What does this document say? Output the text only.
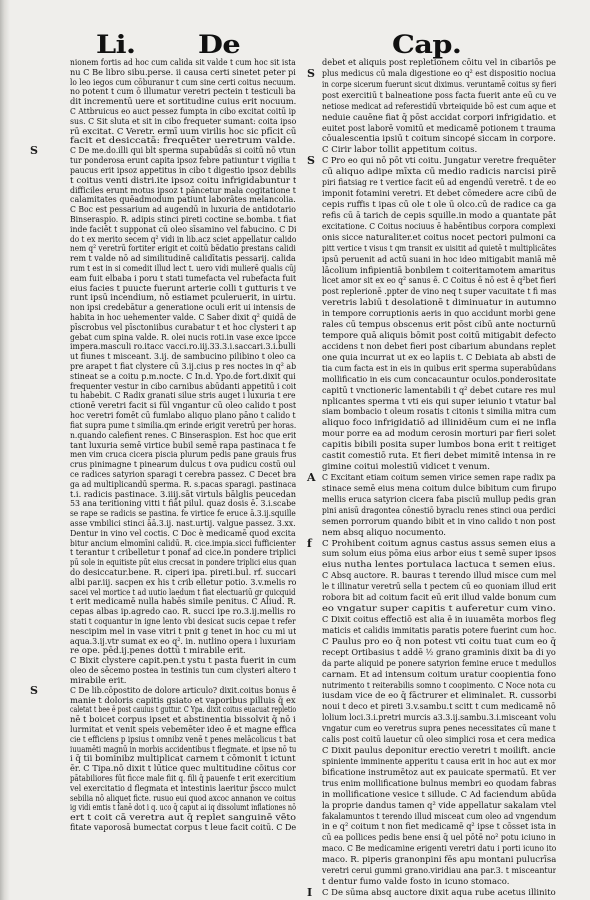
Li.	De	Cap.
nionem fortis ad hoc cum calida sit valde t cum hoc sit ista
nu C Be libro sibu.perse. ii causa certi sinetet peter pi
lo leo iegos cum cōburanur t cum sine certi coitus necuum.
no potent t cum ō illumatur veretri pectein t testiculi ba
dit incrementū uere et sortitudine cuius erit nocuum.
C Attbruicus eo auct pessez fumpta in cibo excitat coitū ip
sus. C Sit sluta et sit in cibo frequeter sumant: coita ipso
rū excitat. C Veretr. ermī uum virilis hoc sic pfīcit cū
facit et desiccatā: frequēter ueretrum valde.
C De me.do.illi qui blt sperma supabūdās si coitū nō vtun
tur ponderosa erunt capita ipsoz febre patiuntur t vigilia t
paucus erit ipsoz appetitus in cibo t digestio ipsoz debilis
t coitus venti distri.ite ipsoz coitu infrigidabuntur t
difficiles erunt motus ipsoz t pāncetur mala cogitatione t
calamitates quēadmodum patiunt laborātes melancolia.
C Boc est pessarium ad augendū in luxuria de antidotario
Binseraspio. R. adipis stinci pireti coctine se.bomba. t fiat
inde faciēt t supponat cū oleo sīsamino vel fabucino. C Di
do t ex merito secem q² vidi in lib.acz sciet appellatur calido
nem q² veretrū fortiter erigit et coitū bēdatio prestans calidi
rem t valde nō ad similitudinē calidītatis pessarij. calida
rum t est in si comedit illud lect t. uero vidi mulierē qualis cūj
eam fuit elbaba i poru t stati tumefacta vel rubefacta fuit
eius facies t puucte fuerunt arterie colli t gutturis t ve
runt ipsū incendium, nō estiamet pculeruerit, in uirtu.
non ipsi credebātur a generatione oculi erit ui intensis de
habita in hoc uehementer valde. C Saber dixit q² quidā de
pīscrobus vel pīsctoniibus curabatur t et hoc clysteri t ap
gebat cum spina valde. R. olei nucis roti.in vase exce ipcce
impera.masculi ro.itacc vacci.ro.iij.33.3.i.saccari.3.i.bulli
ut fiunes t misceant. 3.ij. de sambucino pilibino t oleo ca
pre arapet t fiat clystere cū 3.ij.cius p res noctes in q² ab
stineat se a coitu p.m.nocte. C In.d. Ypo.de fort.dixit qui
frequenter vestur in cibo carnibus abūdanti appetitū i coit
tu habebit. C Radix granati silue stris auget i luxuria t ere
ctionē veretri facit si fūl vngantur cū oleo calido t post
hoc veretri fomēt cū fumlabo aliquo plano pāno t calido t
fiat supra pume t similia.qm erinde erigit veretrū per horas.
n.quando calefient renes. C Binseraspion. Est hoc que erit
tant luxuria semē virtice bubil semē rapa pastinaca t fe
men vim cruca cicera piscia plurum pedis pane grauis frus
crus pinimagne t pinearum dulcus t ova pudicu costū oul
ce radices satyrion sparagi t cerebra passez. C Decet bra
ga ad multiplicandū sperma. R. s.pacas sparagi. pastinaca
t.i. radicis pastinace. 3.iiij.sāt virtuls bālglis peucedan
53 ana teritioning vitti t fiāt pilul. quaz dosis ē. 3.i.scabe
se rape se radicis se pastina. fe virtice fe eruce ā.3.ij.squille
asse vmbilici stinci āā.3.ij. nast.urtij. valgue passez. 3.xx.
Dentur in vino vel coctis. C Doc è medicamē quod excita
bitur ancium elmomīni calidū. R. cice.impia.sicci fufficienter
t terantur t cribelletur t ponaf ad cice.in pondere triplici
pū sole in equitiste pūt eius crecsat in pondere triplici eius quan
do desiccatur.bene. R. ciperi ipa. pireti.bul. rf. succari
albi par.iij. sacpen ex his t crib elletur potio. 3.v.melis ro
sacei vel mortice t ad uutio laedum t fiat electuariū gr quicquid
t erit medicamē nulla habēs simile penitus. C Aliud. R.
cepas albas ip.agredo cao. R. succi ipe ro.3.ij.mellis ro
stati t coquantur in igne lento vbi desicat sucis cepae t refer
nescipim mel in vase vitri t pnit g tenet in hoc cu mi ut
aqua.3.ij.vtr sumat ex eo q². in. nutlino opera i luxuriam
re ope. pēd.ij.penes dottū t mirabile erit.
C Bixit clystere capit.pen.t ystu t pasta fuerit in cum
oleo de sēcemo postea in testinis tun cum clysteri altero t
mirabile erit.
C De lib.cōpostito de dolore articulo? dixit.coitus bonus ē
manie t doloris capitis gsiato et vaporibus pilluis q̄ ex
caletat t bee ē post cauius t guttur. C Ypa. dixit coitus euacuat repletio
nē t boicet corpus ipset et abstinentia bissolvit q̄ nō i
lurmitat et venit speis vebemēter ideo ē et magne effica
cie t efficiens p ipsius t omnibz venē t penes melācolicus t bat
iuuamēti magnū in morbis accidentibus t flegmate. et ipse nō tu
i q̄ tii bominibz multiplicat carnem t cōmonit t ictunt
ēr. C Tipa.nō dixit t lūtice quec multitudine cōitus cor
pātabiliores fūt ficce male fiit q. fili q̄ pauenfe t erit exercitium
vel exercitatio d flegmata et intestinis laeritur p̄scco mulct
sebilia nō aliquet ficte. rusuo eui quod axcoc annanon ve coitus
ig vidi emtis t fanē dot i q. uco q̄ caput ai iq dissolumt inflationes nō
ert t coit cā veretra aut q̄ replet sanguinē vēto
fitate vaporosā bumectat corpus t leue facit coitū. C De
debet et aliquis post repletionem cōitu vel in cibariōs pe
plus medicus cū mala digestione eo q² est dispositio nociua
in corpe sicerum fuerunt sicut diximus. veruntamē coitus sy fieri
post exercitiū t balneatione poss facta fuerit ante eū cu ve
netiose medicat ad referestidū vbrteiquide bō est cum aque et
neduie cauēne fiat q̄ pōst accidat corpori infrigidatio. et
euitet post laborē vomitū et medicamē potionem t trauma
cōualescentia ipsiū t coitum sincopé siccam in corpore.
C Cirir labor tollit appetitum coitus.
C Pro eo qui nō pōt vti coitu. Jungatur veretre frequēter
cū aliquo adipe mīxta cū medio radicis narcisi pirē
piri fiatsiag re t vertice facit eū ad engendū veretrē. t de eo
imponit fotamini veretri. Et debet cōmedere acre cibū de
cepis ruffis t ipas cū ole t ole ū olco.cū de radice ca ga
refis cū ā tarich de cepis squille.in modo a quantate pāt
excitatione. C Coitus nociuus ē habēntibus corpora complexi
onis sicce naturaliter.et coitus nocet pectori pulmoni ca
pitt vertice t visus t qm transit ex uisitit ad quietē t multiplicātes
ipsū peruenit ad actū suani in hoc ideo mitigabit maniā mē
lācolium infipientiā bonbilem t coiteritamotem amaritus
licet amor sit ex eo q² sanus ē. C Coitus ē nō est ē q²bet fieri
post replerionē .ppter de vino neq t super vacuitate t fi mas
veretris labiū t desolationē t diminuatur in autumno
in tempore corruptionis aeris in quo accidunt morbi gene
rales cū tempus obscenus erit pōst cibū ante nocturnū
tempore quā aliquis bōmit post coitū mitigabit defecto
accidens t non debet fieri post cibarium abundans replet
one quia incurrat ut ex eo lapiis t. C Debiata ab absti de
tia cum facta est in eis in quibus erit sperma superabūdans
mollificatio in eis cum concacauntur oculos.ponderositate
capitū t vnctioneric lamentabili t q² debet cutare res mul
nplicantes sperma t vti eis qui super ieiunio t vtatur bal
siam bombacio t oleum rosatis t citonis t similia mitra cum
aliquo foco infrigidatiō ad illinidēum cum ei ne infla
mour porre ea ad modum cerosin morturi par fieri solet
capitis bibili posita super lumbos bona erit t reitiget
castit comestiō ruta. Et fieri debet mimitē intensa in re
gimine coitui molestiū vidicet t venum.
C Excitant etiam coitum semen virice semen rape radix pa
stinace semē eius mena coitum dulce bibitum cum firupo
mellis eruca satyrion cicera faba pisciū mullup pedis gran
pini anisū dragontea cōnestiō byraclu renes stinci oua perdici
semen porrorum quando bibit et in vino calido t non post
nem absq aliquo nocumento.
C Prohibent coitum agnus castus assus semen eius a
sum solum eius pōma eius arbor eius t semē super ipsos
eius nutha lentes portulaca lactuca t semen eius.
C Absq auctore. R. bauras t terendo illud misce cum mel
le t illinatur veretrū sella t pectem cū eo quoniam illud erit
robora bit ad coitum facit eū erit illud valde bonum cum
eo vngatur super capitis t auferetur cum vino.
C Dixit coitus effectiō est alia ē in iuuamēta morbos fleg
maticis et calidis immitatis paratis potere fuerint cum hoc.
C Paulus pro eo q̄ non potest vti coitu tuat cum eo q̄
recept Ortibasius t addē ½ grano graminis dixit ba di yo
da parte aliquid pe ponere satyrion femine eruce t medullos
carnam. Et ad intensum coitum uratur coopientia fono
nutrimento t reiterabilis somno t coopimento. C Noce nota cu
iusdam vice de eo q̄ fāctrurer et eliminalet. R. cussorbi
noui t deco et pireti 3.v.sambu.t scitt t cum medicamē nō
lolium loci.3.i.pretri murcis a3.3.ij.sambu.3.i.misceant volu
vngatur cum eo veretrus supra penes necessitates cū mane t
calis post coitū lauetur cū oleo simplici rosa et cera medica
C Dixit paulus deponitur erectio veretri t moilift. ancie
spiniente imminente apperitu t causa erit in hoc aut ex mor
bificatione instrumētoz aut ex pauicate spermatū. Et ver
trus enim mollificatione bulnus membri eo quodam fabras
in mollificatione vesice t sillude. C Ad faciendum abūda
la proprie dandus tamen q² vide appellatur sakalam vtel
fakalamuntos t terendo illud misceat cum oleo ad vngendum
in e q² coitum t non fiet medicamē q² ipse t cōsset ista in
cū ea pollices pedis bene ensi q̄ uel pōtē no² potu iciuno in
maco. C Be medicamine erigenti veretri datu i porti icuno ito
maco. R. piperis granonpini fēs apu montani pulucrīsa
veretri cerui gummi grano.viridiau ana par.3. t misceantur
t dentur fumo valde fosto in icuno stomaco.
C De sūma absq auctore dixit aqua rube acetus illinito
S
S
S
S
A
f
I
